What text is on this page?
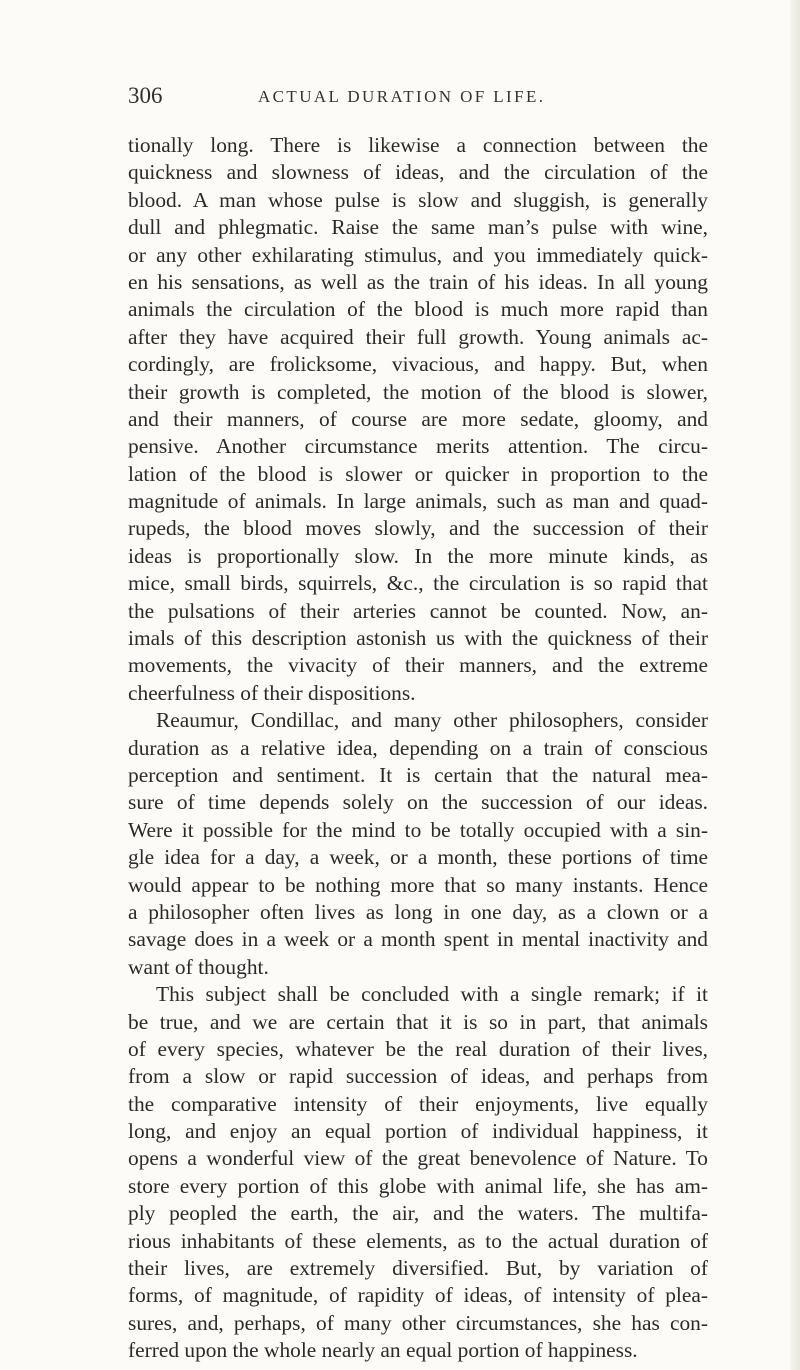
306	ACTUAL DURATION OF LIFE.
tionally long. There is likewise a connection between the
quickness and slowness of ideas, and the circulation of the
blood. A man whose pulse is slow and sluggish, is generally
dull and phlegmatic. Raise the same man’s pulse with wine,
or any other exhilarating stimulus, and you immediately quick-
en his sensations, as well as the train of his ideas. In all young
animals the circulation of the blood is much more rapid than
after they have acquired their full growth. Young animals ac-
cordingly, are frolicksome, vivacious, and happy. But, when
their growth is completed, the motion of the blood is slower,
and their manners, of course are more sedate, gloomy, and
pensive. Another circumstance merits attention. The circu-
lation of the blood is slower or quicker in proportion to the
magnitude of animals. In large animals, such as man and quad-
rupeds, the blood moves slowly, and the succession of their
ideas is proportionally slow. In the more minute kinds, as
mice, small birds, squirrels, &c., the circulation is so rapid that
the pulsations of their arteries cannot be counted. Now, an-
imals of this description astonish us with the quickness of their
movements, the vivacity of their manners, and the extreme
cheerfulness of their dispositions.
Reaumur, Condillac, and many other philosophers, consider
duration as a relative idea, depending on a train of conscious
perception and sentiment. It is certain that the natural mea-
sure of time depends solely on the succession of our ideas.
Were it possible for the mind to be totally occupied with a sin-
gle idea for a day, a week, or a month, these portions of time
would appear to be nothing more that so many instants. Hence
a philosopher often lives as long in one day, as a clown or a
savage does in a week or a month spent in mental inactivity and
want of thought.
This subject shall be concluded with a single remark; if it
be true, and we are certain that it is so in part, that animals
of every species, whatever be the real duration of their lives,
from a slow or rapid succession of ideas, and perhaps from
the comparative intensity of their enjoyments, live equally
long, and enjoy an equal portion of individual happiness, it
opens a wonderful view of the great benevolence of Nature. To
store every portion of this globe with animal life, she has am-
ply peopled the earth, the air, and the waters. The multifa-
rious inhabitants of these elements, as to the actual duration of
their lives, are extremely diversified. But, by variation of
forms, of magnitude, of rapidity of ideas, of intensity of plea-
sures, and, perhaps, of many other circumstances, she has con-
ferred upon the whole nearly an equal portion of happiness.
